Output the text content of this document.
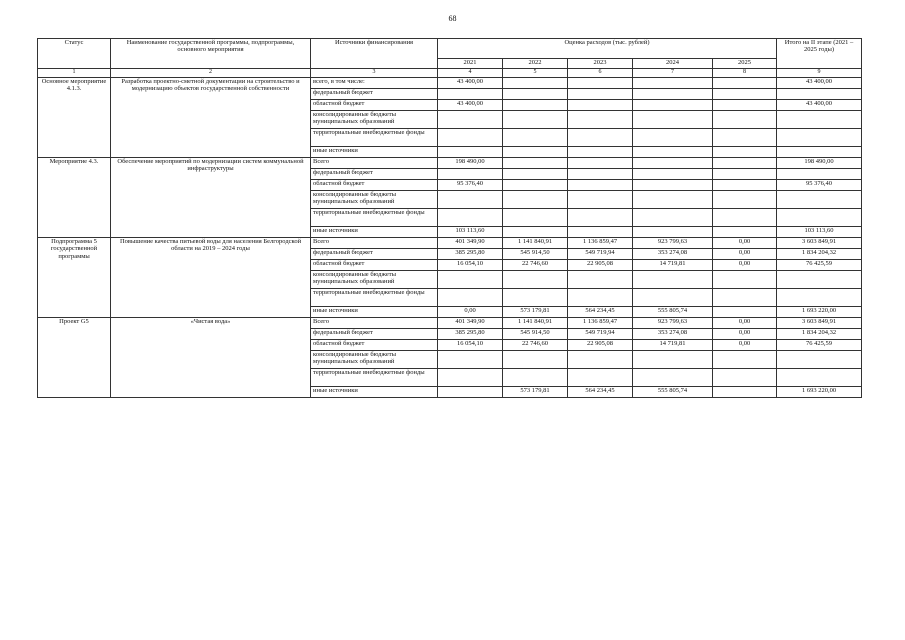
68
Статус	Наименование государственной программы, подпрограммы, основного мероприятия	Источники финансирования	Оценка расходов (тыс. рублей)					Итого на II этапе (2021 – 2025 годы)
			2021	2022	2023	2024	2025	
1	2	3	4	5	6	7	8	9
Основное мероприятие 4.1.3.	Разработка проектно-сметной документации на строительство и модернизацию объектов государственной собственности	всего, в том числе:	43 400,00					43 400,00
		федеральный бюджет						
		областной бюджет	43 400,00					43 400,00
		консолидированные бюджеты муниципальных образований						
		территориальные внебюджетные фонды						
		иные источники						
Мероприятие 4.3.	Обеспечение мероприятий по модернизации систем коммунальной инфраструктуры	Всего	198 490,00					198 490,00
		федеральный бюджет						
		областной бюджет	95 376,40					95 376,40
		консолидированные бюджеты муниципальных образований						
		территориальные внебюджетные фонды						
		иные источники	103 113,60					103 113,60
Подпрограмма 5 государственной программы	Повышение качества питьевой воды для населения Белгородской области на 2019 – 2024 годы	Всего	401 349,90	1 141 840,91	1 136 859,47	923 799,63	0,00	3 603 849,91
		федеральный бюджет	385 295,80	545 914,50	549 719,94	353 274,08	0,00	1 834 204,32
		областной бюджет	16 054,10	22 746,60	22 905,08	14 719,81	0,00	76 425,59
		консолидированные бюджеты муниципальных образований						
		территориальные внебюджетные фонды						
		иные источники	0,00	573 179,81	564 234,45	555 805,74		1 693 220,00
Проект G5	«Чистая вода»	Всего	401 349,90	1 141 840,91	1 136 859,47	923 799,63	0,00	3 603 849,91
		федеральный бюджет	385 295,80	545 914,50	549 719,94	353 274,08	0,00	1 834 204,32
		областной бюджет	16 054,10	22 746,60	22 905,08	14 719,81	0,00	76 425,59
		консолидированные бюджеты муниципальных образований						
		территориальные внебюджетные фонды						
		иные источники		573 179,81	564 234,45	555 805,74		1 693 220,00
